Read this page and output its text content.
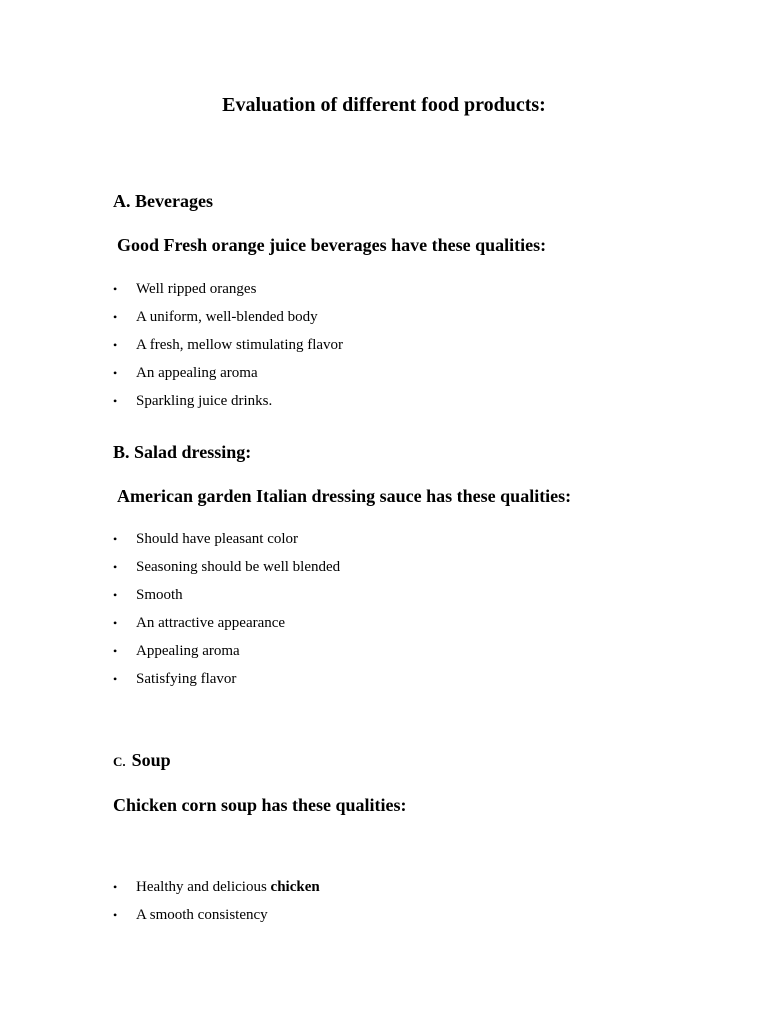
Evaluation of different food products:
A. Beverages
Good Fresh orange juice beverages have these qualities:
• Well ripped oranges
• A uniform, well-blended body
• A fresh, mellow stimulating flavor
• An appealing aroma
• Sparkling juice drinks.
B. Salad dressing:
American garden Italian dressing sauce has these qualities:
• Should have pleasant color
• Seasoning should be well blended
• Smooth
• An attractive appearance
• Appealing aroma
• Satisfying flavor
C. Soup
Chicken corn soup has these qualities:
• Healthy and delicious chicken
• A smooth consistency
